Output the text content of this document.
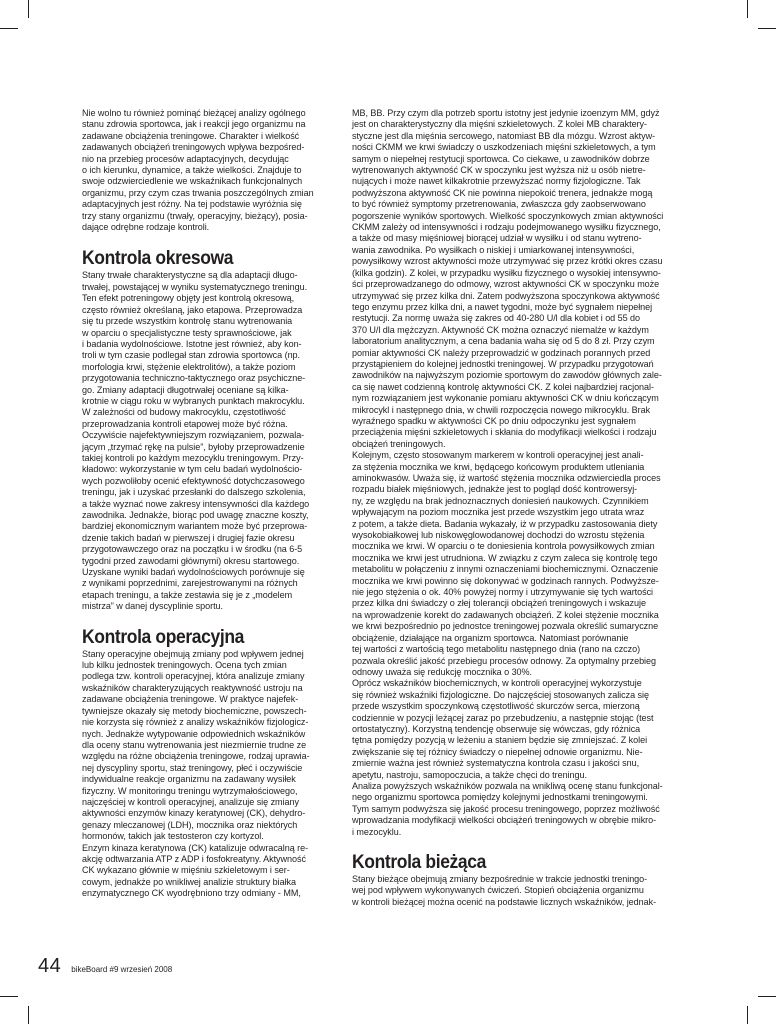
Nie wolno tu również pominąć bieżącej analizy ogólnego
stanu zdrowia sportowca, jak i reakcji jego organizmu na
zadawane obciążenia treningowe. Charakter i wielkość
zadawanych obciążeń treningowych wpływa bezpośred-
nio na przebieg procesów adaptacyjnych, decydując
o ich kierunku, dynamice, a także wielkości. Znajduje to
swoje odzwierciedlenie we wskaźnikach funkcjonalnych
organizmu, przy czym czas trwania poszczególnych zmian
adaptacyjnych jest różny. Na tej podstawie wyróżnia się
trzy stany organizmu (trwały, operacyjny, bieżący), posia-
dające odrębne rodzaje kontroli.

Kontrola okresowa

Stany trwałe charakterystyczne są dla adaptacji długo-
trwałej, powstającej w wyniku systematycznego treningu.
Ten efekt potreningowy objęty jest kontrolą okresową,
często również określaną, jako etapowa. Przeprowadza
się tu przede wszystkim kontrolę stanu wytrenowania
w oparciu o specjalistyczne testy sprawnościowe, jak
i badania wydolnościowe. Istotne jest również, aby kon-
troli w tym czasie podlegał stan zdrowia sportowca (np.
morfologia krwi, stężenie elektrolitów), a także poziom
przygotowania techniczno-taktycznego oraz psychiczne-
go. Zmiany adaptacji długotrwałej oceniane są kilka-
krotnie w ciągu roku w wybranych punktach makrocyklu.
W zależności od budowy makrocyklu, częstotliwość
przeprowadzania kontroli etapowej może być różna.
Oczywiście najefektywniejszym rozwiązaniem, pozwala-
jącym „trzymać rękę na pulsie”, byłoby przeprowadzenie
takiej kontroli po każdym mezocyklu treningowym. Przy-
kładowo: wykorzystanie w tym celu badań wydolnościo-
wych pozwoliłoby ocenić efektywność dotychczasowego
treningu, jak i uzyskać przesłanki do dalszego szkolenia,
a także wyznać nowe zakresy intensywności dla każdego
zawodnika. Jednakże, biorąc pod uwagę znaczne koszty,
bardziej ekonomicznym wariantem może być przeprowa-
dzenie takich badań w pierwszej i drugiej fazie okresu
przygotowawczego oraz na początku i w środku (na 6-5
tygodni przed zawodami głównymi) okresu startowego.
Uzyskane wyniki badań wydolnościowych porównuje się
z wynikami poprzednimi, zarejestrowanymi na różnych
etapach treningu, a także zestawia się je z „modelem
mistrza” w danej dyscyplinie sportu.

Kontrola operacyjna

Stany operacyjne obejmują zmiany pod wpływem jednej
lub kilku jednostek treningowych. Ocena tych zmian
podlega tzw. kontroli operacyjnej, która analizuje zmiany
wskaźników charakteryzujących reaktywność ustroju na
zadawane obciążenia treningowe. W praktyce najefek-
tywniejsze okazały się metody biochemiczne, powszech-
nie korzysta się również z analizy wskaźników fizjologicz-
nych. Jednakże wytypowanie odpowiednich wskaźników
dla oceny stanu wytrenowania jest niezmiernie trudne ze
względu na różne obciążenia treningowe, rodzaj uprawia-
nej dyscypliny sportu, staż treningowy, płeć i oczywiście
indywidualne reakcje organizmu na zadawany wysiłek
fizyczny. W monitoringu treningu wytrzymałościowego,
najczęściej w kontroli operacyjnej, analizuje się zmiany
aktywności enzymów kinazy keratynowej (CK), dehydro-
genazy mleczanowej (LDH), mocznika oraz niektórych
hormonów, takich jak testosteron czy kortyzol.
Enzym kinaza keratynowa (CK) katalizuje odwracalną re-
akcję odtwarzania ATP z ADP i fosfokreatyny. Aktywność
CK wykazano głównie w mięśniu szkieletowym i ser-
cowym, jednakże po wnikliwej analizie struktury białka
enzymatycznego CK wyodrębniono trzy odmiany - MM,

MB, BB. Przy czym dla potrzeb sportu istotny jest jedynie izoenzym MM, gdyż
jest on charakterystyczny dla mięśni szkieletowych. Z kolei MB charaktery-
styczne jest dla mięśnia sercowego, natomiast BB dla mózgu. Wzrost aktyw-
ności CKMM we krwi świadczy o uszkodzeniach mięśni szkieletowych, a tym
samym o niepełnej restytucji sportowca. Co ciekawe, u zawodników dobrze
wytrenowanych aktywność CK w spoczynku jest wyższa niż u osób nietre-
nujących i może nawet kilkakrotnie przewyższać normy fizjologiczne. Tak
podwyższona aktywność CK nie powinna niepokoić trenera, jednakże mogą
to być również symptomy przetrenowania, zwłaszcza gdy zaobserwowano
pogorszenie wyników sportowych. Wielkość spoczynkowych zmian aktywności
CKMM zależy od intensywności i rodzaju podejmowanego wysiłku fizycznego,
a także od masy mięśniowej biorącej udział w wysiłku i od stanu wytreno-
wania zawodnika. Po wysiłkach o niskiej i umiarkowanej intensywności,
powysiłkowy wzrost aktywności może utrzymywać się przez krótki okres czasu
(kilka godzin). Z kolei, w przypadku wysiłku fizycznego o wysokiej intensywno-
ści przeprowadzanego do odmowy, wzrost aktywności CK w spoczynku może
utrzymywać się przez kilka dni. Zatem podwyższona spoczynkowa aktywność
tego enzymu przez kilka dni, a nawet tygodni, może być sygnałem niepełnej
restytucji. Za normę uważa się zakres od 40-280 U/l dla kobiet i od 55 do
370 U/l dla mężczyzn. Aktywność CK można oznaczyć niemalże w każdym
laboratorium analitycznym, a cena badania waha się od 5 do 8 zł. Przy czym
pomiar aktywności CK należy przeprowadzić w godzinach porannych przed
przystąpieniem do kolejnej jednostki treningowej. W przypadku przygotowań
zawodników na najwyższym poziomie sportowym do zawodów głównych zale-
ca się nawet codzienną kontrolę aktywności CK. Z kolei najbardziej racjonal-
nym rozwiązaniem jest wykonanie pomiaru aktywności CK w dniu kończącym
mikrocykl i następnego dnia, w chwili rozpoczęcia nowego mikrocyklu. Brak
wyraźnego spadku w aktywności CK po dniu odpoczynku jest sygnałem
przeciążenia mięśni szkieletowych i skłania do modyfikacji wielkości i rodzaju
obciążeń treningowych.
Kolejnym, często stosowanym markerem w kontroli operacyjnej jest anali-
za stężenia mocznika we krwi, będącego końcowym produktem utleniania
aminokwasów. Uważa się, iż wartość stężenia mocznika odzwierciedla proces
rozpadu białek mięśniowych, jednakże jest to pogląd dość kontrowersyj-
ny, ze względu na brak jednoznacznych doniesień naukowych. Czynnikiem
wpływającym na poziom mocznika jest przede wszystkim jego utrata wraz
z potem, a także dieta. Badania wykazały, iż w przypadku zastosowania diety
wysokobiałkowej lub niskowęglowodanowej dochodzi do wzrostu stężenia
mocznika we krwi. W oparciu o te doniesienia kontrola powysiłkowych zmian
mocznika we krwi jest utrudniona. W związku z czym zaleca się kontrolę tego
metabolitu w połączeniu z innymi oznaczeniami biochemicznymi. Oznaczenie
mocznika we krwi powinno się dokonywać w godzinach rannych. Podwyższe-
nie jego stężenia o ok. 40% powyżej normy i utrzymywanie się tych wartości
przez kilka dni świadczy o złej tolerancji obciążeń treningowych i wskazuje
na wprowadzenie korekt do zadawanych obciążeń. Z kolei stężenie mocznika
we krwi bezpośrednio po jednostce treningowej pozwala określić sumaryczne obciążenie, działające na organizm sportowca. Natomiast porównanie
tej wartości z wartością tego metabolitu następnego dnia (rano na czczo)
pozwala określić jakość przebiegu procesów odnowy. Za optymalny przebieg
odnowy uważa się redukcję mocznika o 30%.
Oprócz wskaźników biochemicznych, w kontroli operacyjnej wykorzystuje
się również wskaźniki fizjologiczne. Do najczęściej stosowanych zalicza się
przede wszystkim spoczynkową częstotliwość skurczów serca, mierzoną
codziennie w pozycji leżącej zaraz po przebudzeniu, a następnie stojąc (test
ortostatyczny). Korzystną tendencję obserwuje się wówczas, gdy różnica
tętna pomiędzy pozycją w leżeniu a staniem będzie się zmniejszać. Z kolei
zwiększanie się tej różnicy świadczy o niepełnej odnowie organizmu. Nie-
zmiernie ważna jest również systematyczna kontrola czasu i jakości snu,
apetytu, nastroju, samopoczucia, a także chęci do treningu.
Analiza powyższych wskaźników pozwala na wnikliwą ocenę stanu funkcjonal-
nego organizmu sportowca pomiędzy kolejnymi jednostkami treningowymi.
Tym samym podwyższa się jakość procesu treningowego, poprzez możliwość
wprowadzania modyfikacji wielkości obciążeń treningowych w obrębie mikro-
i mezocyklu.

Kontrola bieżąca

Stany bieżące obejmują zmiany bezpośrednie w trakcie jednostki treningo-
wej pod wpływem wykonywanych ćwiczeń. Stopień obciążenia organizmu
w kontroli bieżącej można ocenić na podstawie licznych wskaźników, jednak-

44 bikeBoard #9 wrzesień 2008
